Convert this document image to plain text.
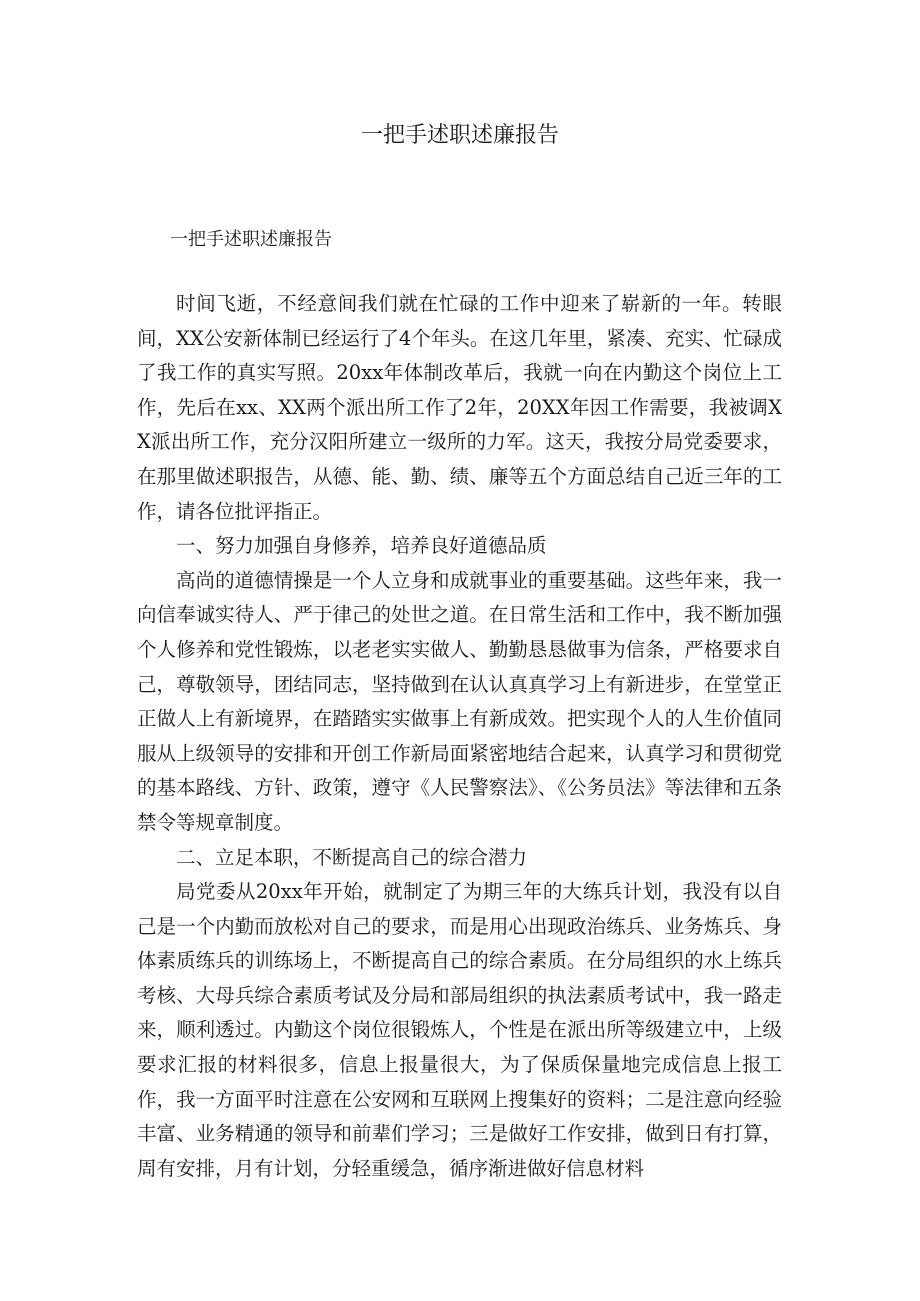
一把手述职述廉报告

一把手述职述廉报告

时间飞逝，不经意间我们就在忙碌的工作中迎来了崭新的一年。转眼间，XX公安新体制已经运行了4个年头。在这几年里，紧凑、充实、忙碌成了我工作的真实写照。20xx年体制改革后，我就一向在内勤这个岗位上工作，先后在xx、XX两个派出所工作了2年，20XX年因工作需要，我被调XX派出所工作，充分汉阳所建立一级所的力军。这天，我按分局党委要求，在那里做述职报告，从德、能、勤、绩、廉等五个方面总结自己近三年的工作，请各位批评指正。

一、努力加强自身修养，培养良好道德品质

高尚的道德情操是一个人立身和成就事业的重要基础。这些年来，我一向信奉诚实待人、严于律己的处世之道。在日常生活和工作中，我不断加强个人修养和党性锻炼，以老老实实做人、勤勤恳恳做事为信条，严格要求自己，尊敬领导，团结同志，坚持做到在认认真真学习上有新进步，在堂堂正正做人上有新境界，在踏踏实实做事上有新成效。把实现个人的人生价值同服从上级领导的安排和开创工作新局面紧密地结合起来，认真学习和贯彻党的基本路线、方针、政策，遵守《人民警察法》、《公务员法》等法律和五条禁令等规章制度。

二、立足本职，不断提高自己的综合潜力

局党委从20xx年开始，就制定了为期三年的大练兵计划，我没有以自己是一个内勤而放松对自己的要求，而是用心出现政治练兵、业务炼兵、身体素质练兵的训练场上，不断提高自己的综合素质。在分局组织的水上练兵考核、大母兵综合素质考试及分局和部局组织的执法素质考试中，我一路走来，顺利透过。内勤这个岗位很锻炼人，个性是在派出所等级建立中，上级要求汇报的材料很多，信息上报量很大，为了保质保量地完成信息上报工作，我一方面平时注意在公安网和互联网上搜集好的资料；二是注意向经验丰富、业务精通的领导和前辈们学习；三是做好工作安排，做到日有打算，周有安排，月有计划，分轻重缓急，循序渐进做好信息材料
